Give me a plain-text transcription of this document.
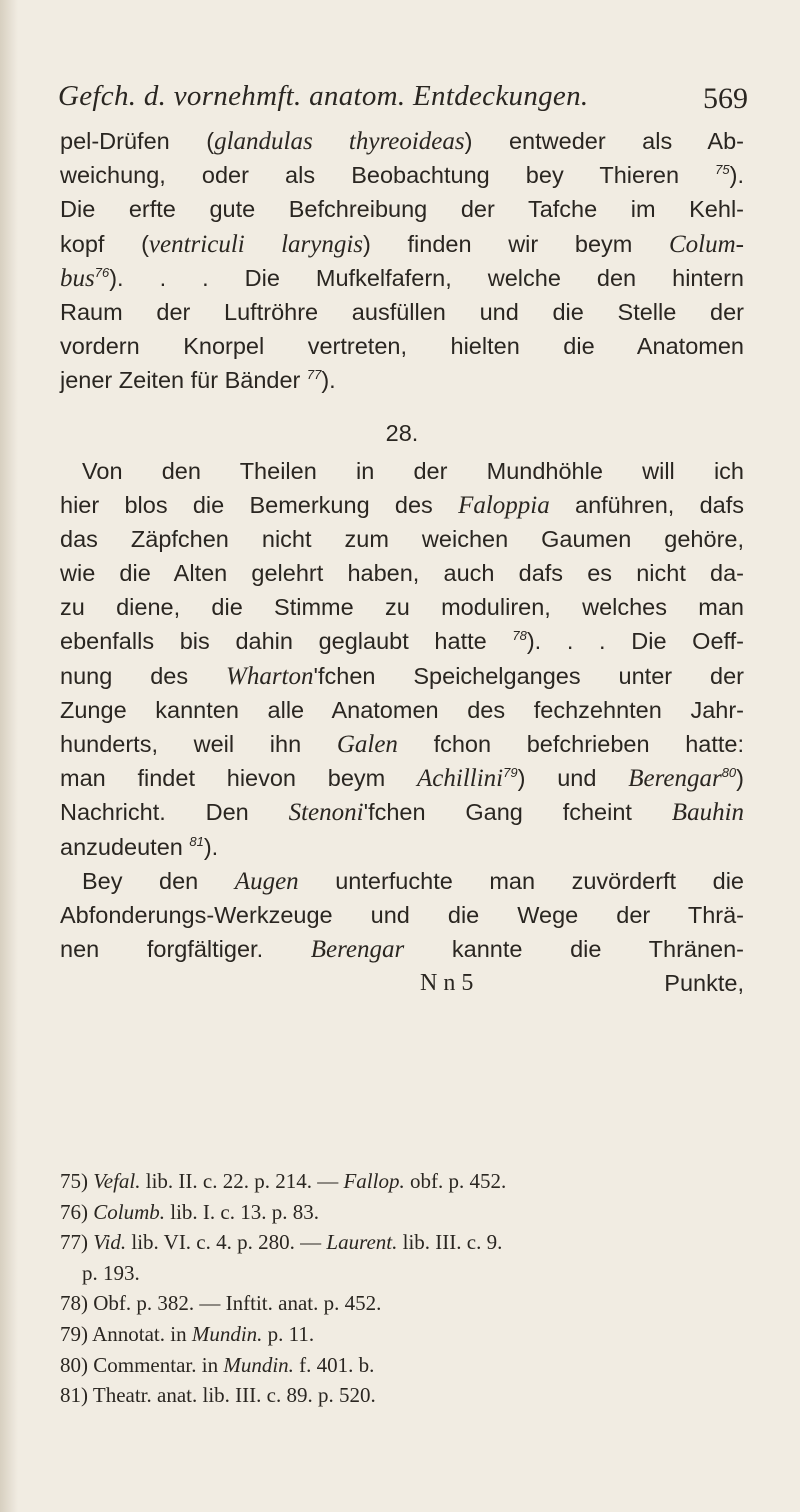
Gefch. d. vornehmft. anatom. Entdeckungen.	569
pel-Drüfen (glandulas thyreoideas) entweder als Ab-
weichung, oder als Beobachtung bey Thieren $^{75}$).
Die erfte gute Befchreibung der Tafche im Kehl-
kopf (ventriculi laryngis) finden wir beym Colum-
bus$^{76}$). . . Die Mufkelfafern, welche den hintern
Raum der Luftröhre ausfüllen und die Stelle der
vordern Knorpel vertreten, hielten die Anatomen
jener Zeiten für Bänder $^{77}$).
28.
Von den Theilen in der Mundhöhle will ich
hier blos die Bemerkung des Faloppia anführen, dafs
das Zäpfchen nicht zum weichen Gaumen gehöre,
wie die Alten gelehrt haben, auch dafs es nicht da-
zu diene, die Stimme zu moduliren, welches man
ebenfalls bis dahin geglaubt hatte $^{78}$). . . Die Oeff-
nung des Wharton'fchen Speichelganges unter der
Zunge kannten alle Anatomen des fechzehnten Jahr-
hunderts, weil ihn Galen fchon befchrieben hatte:
man findet hievon beym Achillini$^{79}$) und Berengar$^{80}$)
Nachricht. Den Stenoni'fchen Gang fcheint Bauhin
anzudeuten $^{81}$).
Bey den Augen unterfuchte man zuvörderft die
Abfonderungs-Werkzeuge und die Wege der Thrä-
nen forgfältiger. Berengar kannte die Thränen-
N n 5	Punkte,
75) Vefal. lib. II. c. 22. p. 214. — Fallop. obf. p. 452.
76) Columb. lib. I. c. 13. p. 83.
77) Vid. lib. VI. c. 4. p. 280. — Laurent. lib. III. c. 9.
p. 193.
78) Obf. p. 382. — Inftit. anat. p. 452.
79) Annotat. in Mundin. p. 11.
80) Commentar. in Mundin. f. 401. b.
81) Theatr. anat. lib. III. c. 89. p. 520.
